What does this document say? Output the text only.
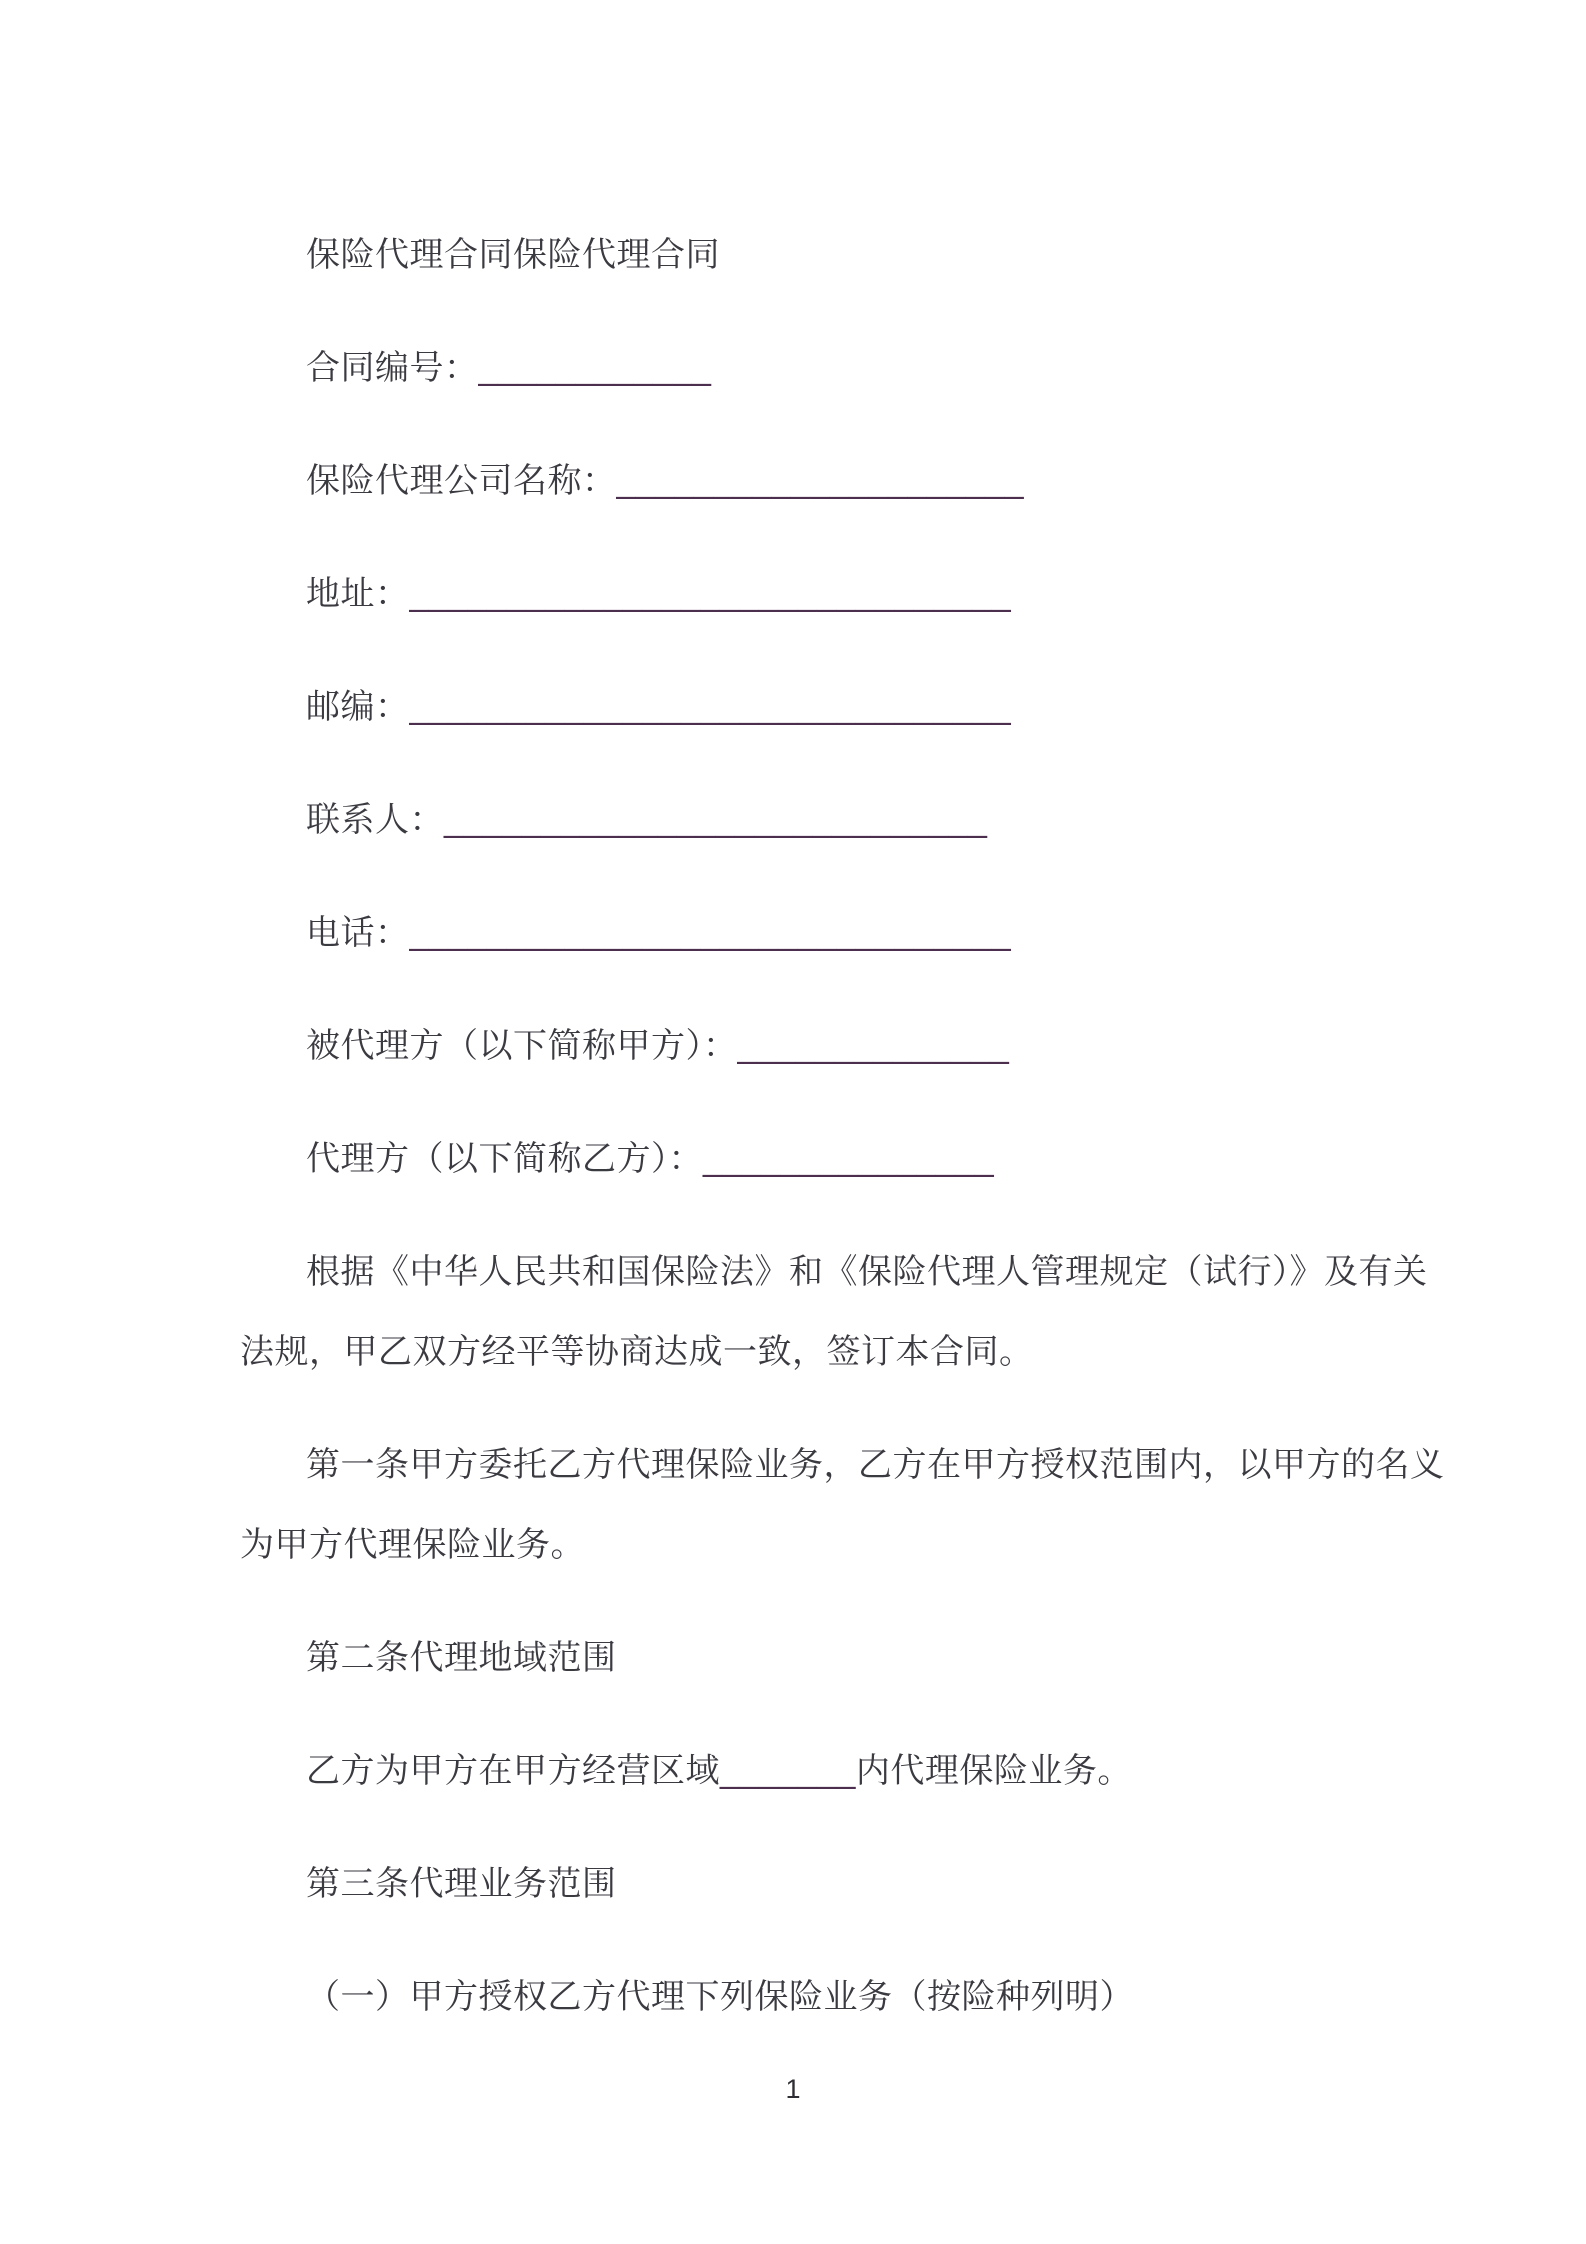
保险代理合同保险代理合同
合同编号：____________
保险代理公司名称：_____________________
地址：_______________________________
邮编：_______________________________
联系人：____________________________
电话：_______________________________
被代理方（以下简称甲方）：______________
代理方（以下简称乙方）：_______________
根据《中华人民共和国保险法》和《保险代理人管理规定（试行）》及有关
法规，甲乙双方经平等协商达成一致，签订本合同。
第一条甲方委托乙方代理保险业务，乙方在甲方授权范围内，以甲方的名义
为甲方代理保险业务。
第二条代理地域范围
乙方为甲方在甲方经营区域_______内代理保险业务。
第三条代理业务范围
（一）甲方授权乙方代理下列保险业务（按险种列明）
1
